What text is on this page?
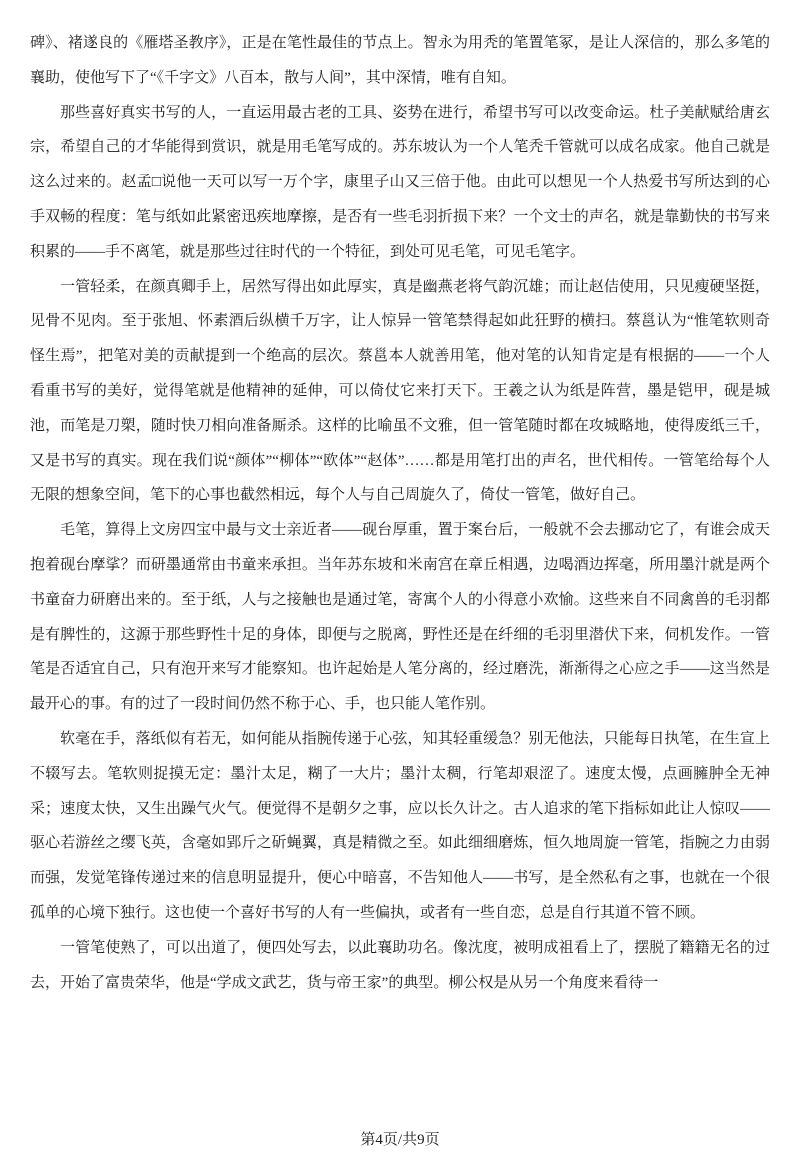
碑》、褚遂良的《雁塔圣教序》，正是在笔性最佳的节点上。智永为用秃的笔置笔冢，是让人深信的，那么多笔的襄助，使他写下了“《千字文》八百本，散与人间”，其中深情，唯有自知。

那些喜好真实书写的人，一直运用最古老的工具、姿势在进行，希望书写可以改变命运。杜子美献赋给唐玄宗，希望自己的才华能得到赏识，就是用毛笔写成的。苏东坡认为一个人笔秃千管就可以成名成家。他自己就是这么过来的。赵孟□说他一天可以写一万个字，康里子山又三倍于他。由此可以想见一个人热爱书写所达到的心手双畅的程度：笔与纸如此紧密迅疾地摩擦，是否有一些毛羽折损下来？一个文士的声名，就是靠勤快的书写来积累的——手不离笔，就是那些过往时代的一个特征，到处可见毛笔，可见毛笔字。

一管轻柔，在颜真卿手上，居然写得出如此厚实，真是幽燕老将气韵沉雄；而让赵佶使用，只见瘦硬坚挺，见骨不见肉。至于张旭、怀素酒后纵横千万字，让人惊异一管笔禁得起如此狂野的横扫。蔡邕认为“惟笔软则奇怪生焉”，把笔对美的贡献提到一个绝高的层次。蔡邕本人就善用笔，他对笔的认知肯定是有根据的——一个人看重书写的美好，觉得笔就是他精神的延伸，可以倚仗它来打天下。王羲之认为纸是阵营，墨是铠甲，砚是城池，而笔是刀槊，随时快刀相向准备厮杀。这样的比喻虽不文雅，但一管笔随时都在攻城略地，使得废纸三千，又是书写的真实。现在我们说“颜体”“柳体”“欧体”“赵体”……都是用笔打出的声名，世代相传。一管笔给每个人无限的想象空间，笔下的心事也截然相远，每个人与自己周旋久了，倚仗一管笔，做好自己。

毛笔，算得上文房四宝中最与文士亲近者——砚台厚重，置于案台后，一般就不会去挪动它了，有谁会成天抱着砚台摩挲？而研墨通常由书童来承担。当年苏东坡和米南宫在章丘相遇，边喝酒边挥毫，所用墨汁就是两个书童奋力研磨出来的。至于纸，人与之接触也是通过笔，寄寓个人的小得意小欢愉。这些来自不同禽兽的毛羽都是有脾性的，这源于那些野性十足的身体，即便与之脱离，野性还是在纤细的毛羽里潜伏下来，伺机发作。一管笔是否适宜自己，只有泡开来写才能察知。也许起始是人笔分离的，经过磨洗，渐渐得之心应之手——这当然是最开心的事。有的过了一段时间仍然不称于心、手，也只能人笔作别。

软毫在手，落纸似有若无，如何能从指腕传递于心弦，知其轻重缓急？别无他法，只能每日执笔，在生宣上不辍写去。笔软则捉摸无定：墨汁太足，糊了一大片；墨汁太稠，行笔却艰涩了。速度太慢，点画臃肿全无神采；速度太快，又生出躁气火气。便觉得不是朝夕之事，应以长久计之。古人追求的笔下指标如此让人惊叹——驱心若游丝之缨飞英，含毫如郢斤之斫蝇翼，真是精微之至。如此细细磨炼，恒久地周旋一管笔，指腕之力由弱而强，发觉笔锋传递过来的信息明显提升，便心中暗喜，不告知他人——书写，是全然私有之事，也就在一个很孤单的心境下独行。这也使一个喜好书写的人有一些偏执，或者有一些自恋，总是自行其道不管不顾。

一管笔使熟了，可以出道了，便四处写去，以此襄助功名。像沈度，被明成祖看上了，摆脱了籍籍无名的过去，开始了富贵荣华，他是“学成文武艺，货与帝王家”的典型。柳公权是从另一个角度来看待一

第4页/共9页
